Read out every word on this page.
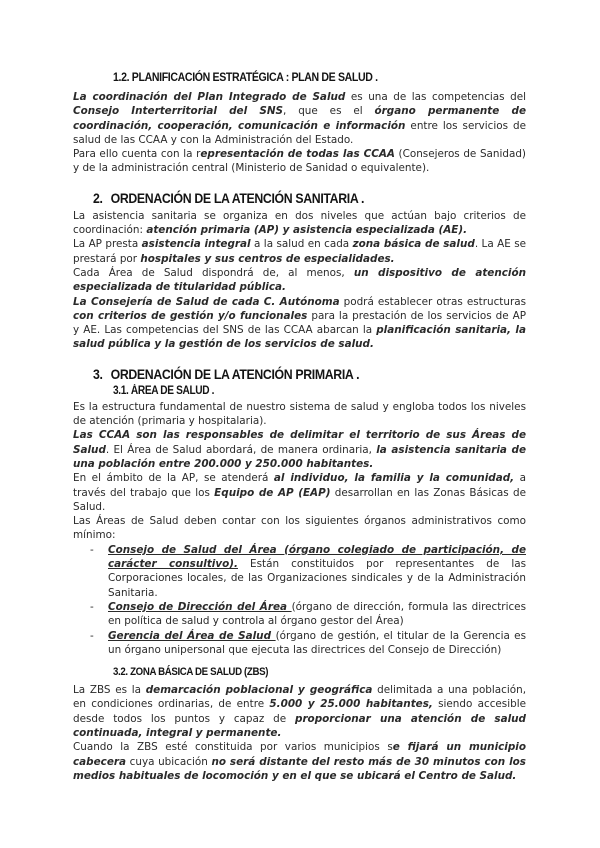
1.2. PLANIFICACIÓN ESTRATÉGICA : PLAN DE SALUD .

La coordinación del Plan Integrado de Salud es una de las competencias del Consejo Interterritorial del SNS, que es el órgano permanente de coordinación, cooperación, comunicación e información entre los servicios de salud de las CCAA y con la Administración del Estado.

Para ello cuenta con la representación de todas las CCAA (Consejeros de Sanidad) y de la administración central (Ministerio de Sanidad o equivalente).

2. ORDENACIÓN DE LA ATENCIÓN SANITARIA .

La asistencia sanitaria se organiza en dos niveles que actúan bajo criterios de coordinación: atención primaria (AP) y asistencia especializada (AE).

La AP presta asistencia integral a la salud en cada zona básica de salud. La AE se prestará por hospitales y sus centros de especialidades.

Cada Área de Salud dispondrá de, al menos, un dispositivo de atención especializada de titularidad pública.

La Consejería de Salud de cada C. Autónoma podrá establecer otras estructuras con criterios de gestión y/o funcionales para la prestación de los servicios de AP y AE. Las competencias del SNS de las CCAA abarcan la planificación sanitaria, la salud pública y la gestión de los servicios de salud.

3. ORDENACIÓN DE LA ATENCIÓN PRIMARIA .
3.1. ÁREA DE SALUD .

Es la estructura fundamental de nuestro sistema de salud y engloba todos los niveles de atención (primaria y hospitalaria).

Las CCAA son las responsables de delimitar el territorio de sus Áreas de Salud. El Área de Salud abordará, de manera ordinaria, la asistencia sanitaria de una población entre 200.000 y 250.000 habitantes.

En el ámbito de la AP, se atenderá al individuo, la familia y la comunidad, a través del trabajo que los Equipo de AP (EAP) desarrollan en las Zonas Básicas de Salud.

Las Áreas de Salud deben contar con los siguientes órganos administrativos como mínimo:

- Consejo de Salud del Área (órgano colegiado de participación, de carácter consultivo). Están constituidos por representantes de las Corporaciones locales, de las Organizaciones sindicales y de la Administración Sanitaria.
- Consejo de Dirección del Área (órgano de dirección, formula las directrices en política de salud y controla al órgano gestor del Área)
- Gerencia del Área de Salud (órgano de gestión, el titular de la Gerencia es un órgano unipersonal que ejecuta las directrices del Consejo de Dirección)
3.2. ZONA BÁSICA DE SALUD (ZBS)

La ZBS es la demarcación poblacional y geográfica delimitada a una población, en condiciones ordinarias, de entre 5.000 y 25.000 habitantes, siendo accesible desde todos los puntos y capaz de proporcionar una atención de salud continuada, integral y permanente.

Cuando la ZBS esté constituida por varios municipios se fijará un municipio cabecera cuya ubicación no será distante del resto más de 30 minutos con los medios habituales de locomoción y en el que se ubicará el Centro de Salud.
